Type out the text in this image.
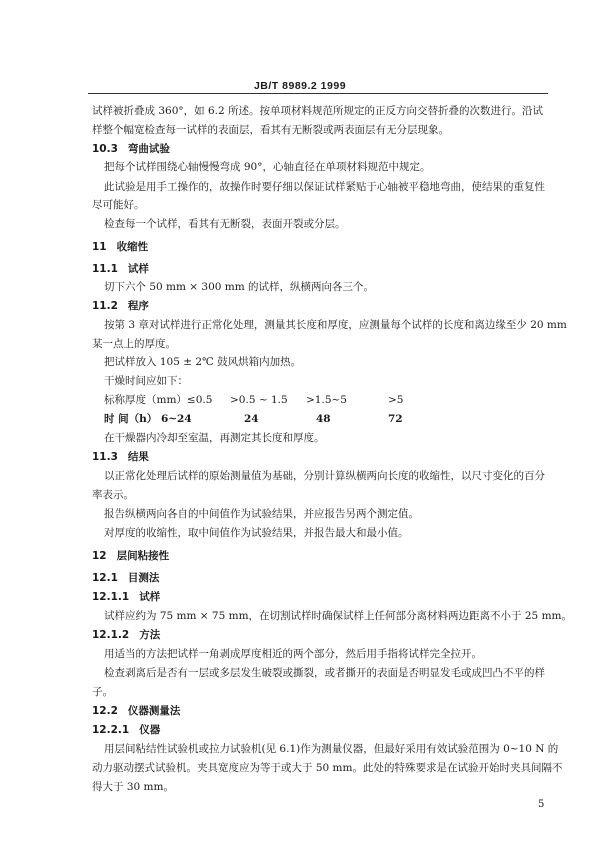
JB/T 8989.2 1999
试样被折叠成 360°，如 6.2 所述。按单项材料规范所规定的正反方向交替折叠的次数进行。沿试
样整个幅宽检查每一试样的表面层，看其有无断裂或两表面层有无分层现象。
10.3 弯曲试验
把每个试样围绕心轴慢慢弯成 90°，心轴直径在单项材料规范中规定。
此试验是用手工操作的，故操作时要仔细以保证试样紧贴于心轴被平稳地弯曲，使结果的重复性
尽可能好。
检查每一个试样，看其有无断裂，表面开裂或分层。
11 收缩性
11.1 试样
切下六个 50 mm × 300 mm 的试样，纵横两向各三个。
11.2 程序
按第 3 章对试样进行正常化处理，测量其长度和厚度，应测量每个试样的长度和离边缘至少 20 mm
某一点上的厚度。
把试样放入 105 ± 2℃ 鼓风烘箱内加热。
干燥时间应如下：
标称厚度（mm）≤0.5 >0.5 ~ 1.5 >1.5~5	>5
时 间（h） 6~24	24	48	72
在干燥器内冷却至室温，再测定其长度和厚度。
11.3 结果
以正常化处理后试样的原始测量值为基础，分别计算纵横两向长度的收缩性，以尺寸变化的百分
率表示。
报告纵横两向各自的中间值作为试验结果，并应报告另两个测定值。
对厚度的收缩性，取中间值作为试验结果，并报告最大和最小值。
12 层间粘接性
12.1 目测法
12.1.1 试样
试样应约为 75 mm × 75 mm，在切割试样时确保试样上任何部分离材料两边距离不小于 25 mm。
12.1.2 方法
用适当的方法把试样一角剥成厚度相近的两个部分，然后用手指将试样完全拉开。
检查剥离后是否有一层或多层发生破裂或撕裂，或者撕开的表面是否明显发毛或成凹凸不平的样
子。
12.2 仪器测量法
12.2.1 仪器
用层间粘结性试验机或拉力试验机(见 6.1)作为测量仪器，但最好采用有效试验范围为 0~10 N 的
动力驱动摆式试验机。夹具宽度应为等于或大于 50 mm。此处的特殊要求是在试验开始时夹具间隔不
得大于 30 mm。
5
